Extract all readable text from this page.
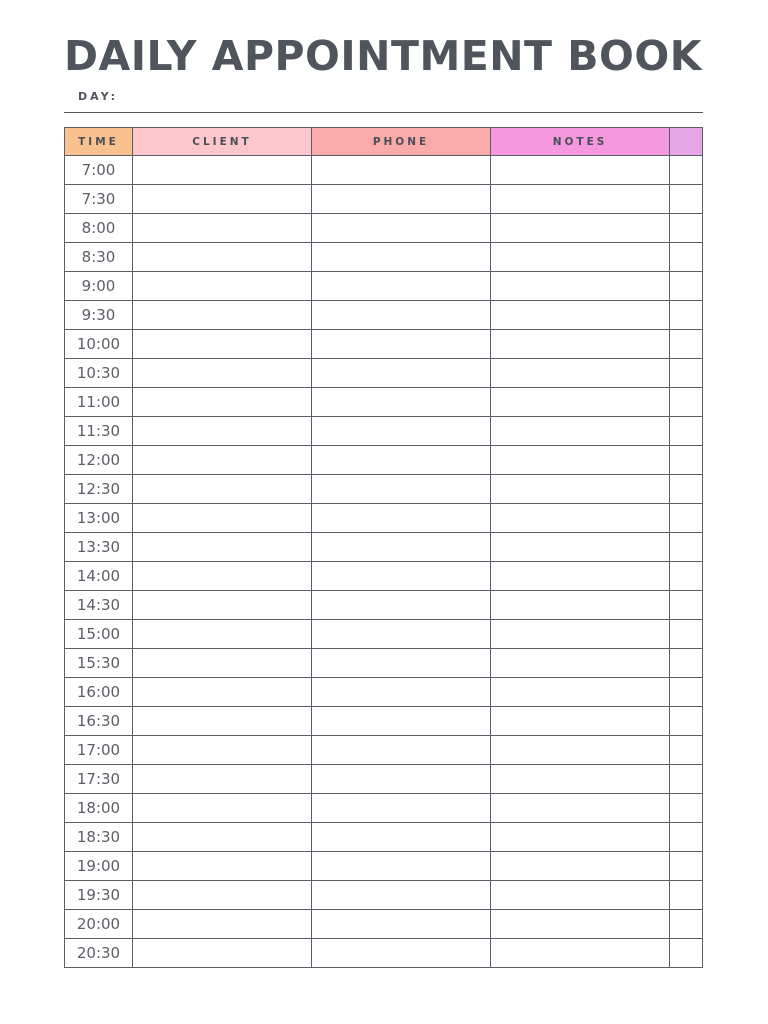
DAILY APPOINTMENT BOOK
DAY:
TIME	CLIENT	PHONE	NOTES	
7:00				
7:30				
8:00				
8:30				
9:00				
9:30				
10:00				
10:30				
11:00				
11:30				
12:00				
12:30				
13:00				
13:30				
14:00				
14:30				
15:00				
15:30				
16:00				
16:30				
17:00				
17:30				
18:00				
18:30				
19:00				
19:30				
20:00				
20:30				
